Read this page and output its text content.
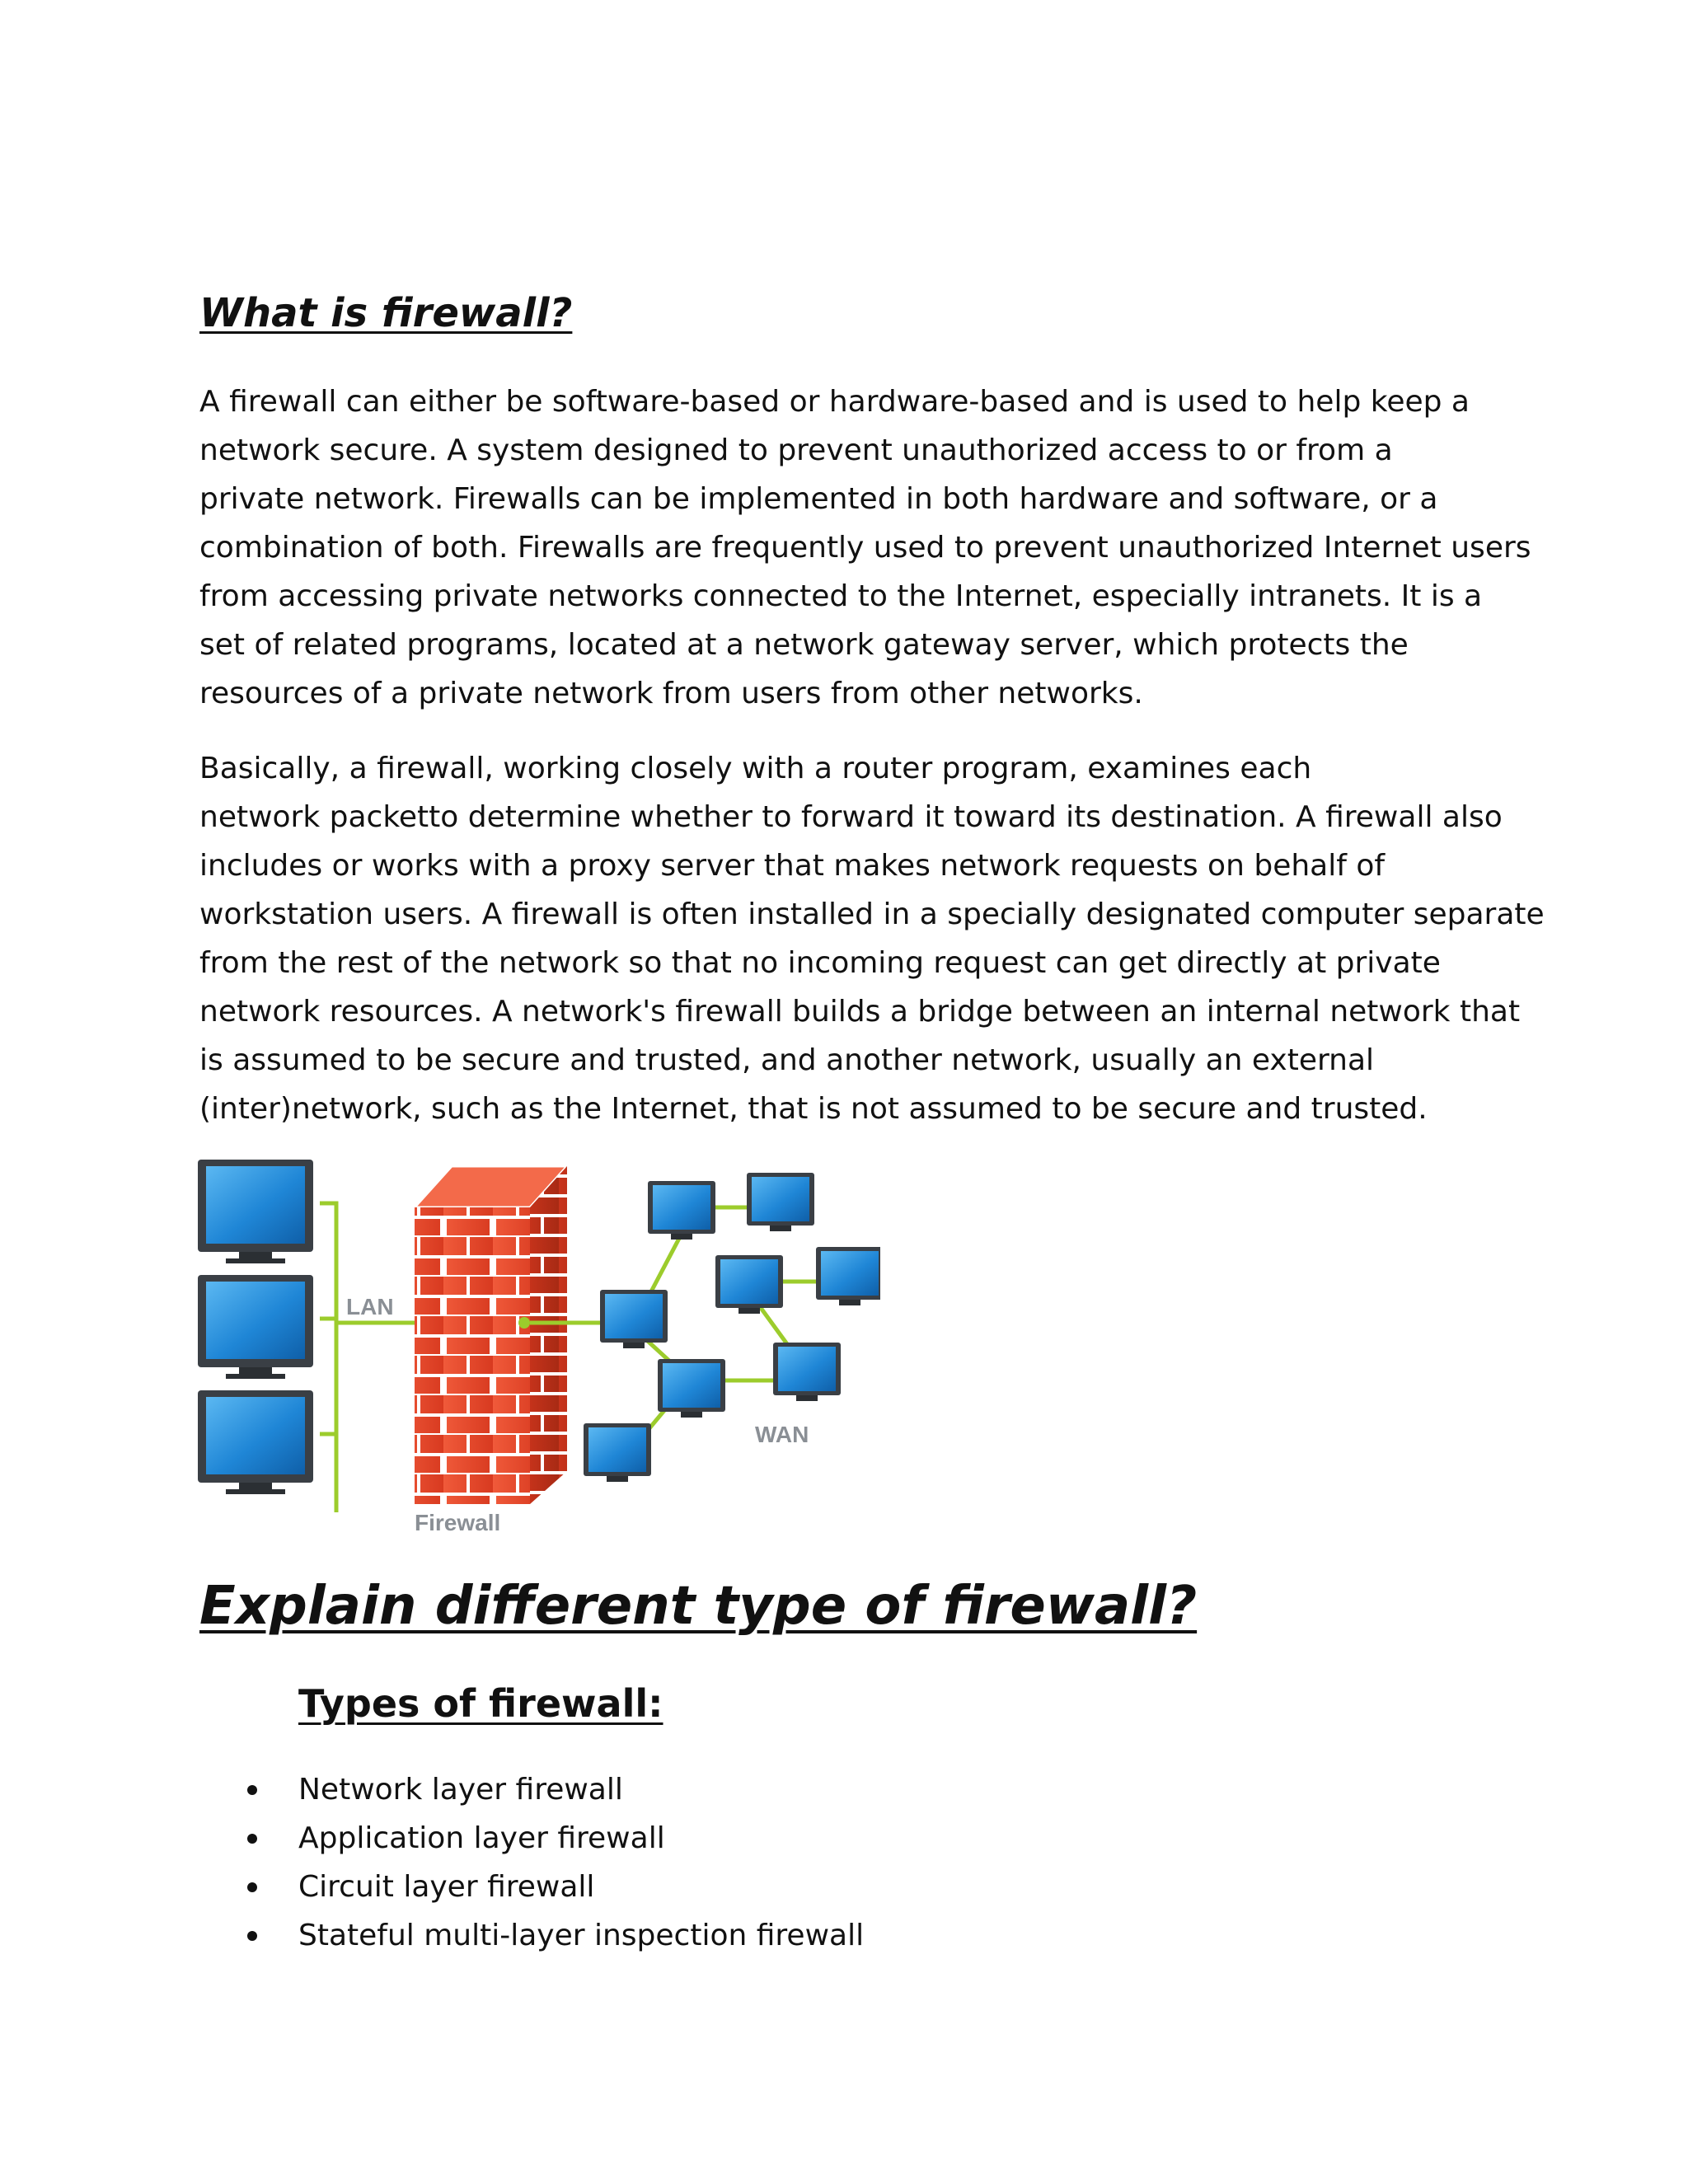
What is firewall?
A firewall can either be software-based or hardware-based and is used to help keep a
network secure. A system designed to prevent unauthorized access to or from a
private network. Firewalls can be implemented in both hardware and software, or a
combination of both. Firewalls are frequently used to prevent unauthorized Internet users
from accessing private networks connected to the Internet, especially intranets. It is a
set of related programs, located at a network gateway server, which protects the
resources of a private network from users from other networks.
Basically, a firewall, working closely with a router program, examines each
network packetto determine whether to forward it toward its destination. A firewall also
includes or works with a proxy server that makes network requests on behalf of
workstation users. A firewall is often installed in a specially designated computer separate
from the rest of the network so that no incoming request can get directly at private
network resources. A network's firewall builds a bridge between an internal network that
is assumed to be secure and trusted, and another network, usually an external
(inter)network, such as the Internet, that is not assumed to be secure and trusted.
LAN
Firewall
WAN
Explain different type of firewall?
Types of firewall:
Network layer firewall
Application layer firewall
Circuit layer firewall
Stateful multi-layer inspection firewall
